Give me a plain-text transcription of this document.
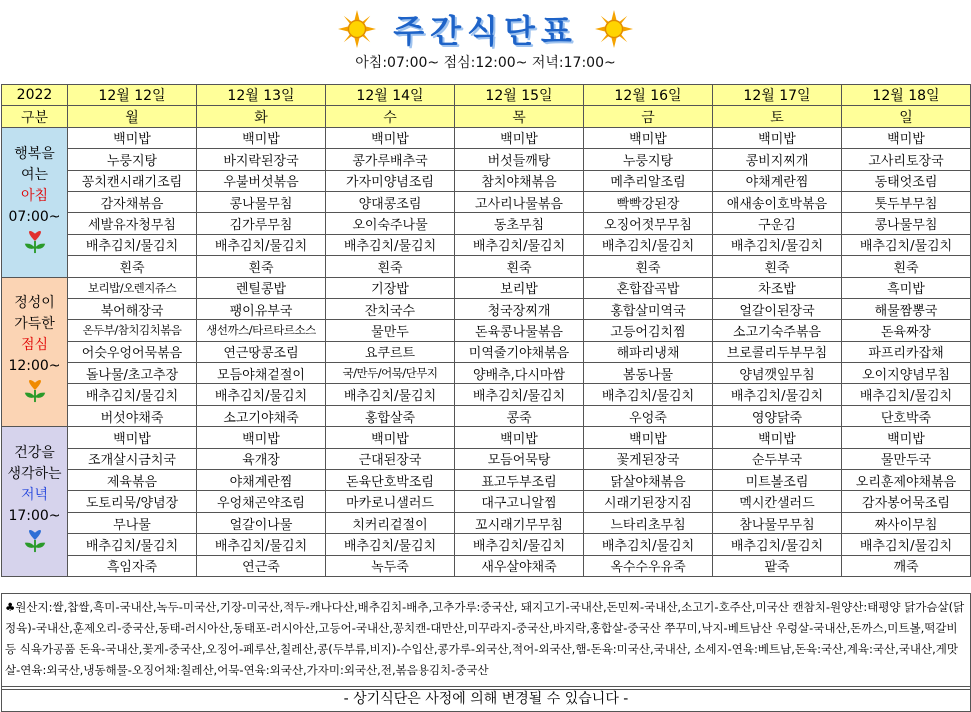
주간식단표
아침:07:00~ 점심:12:00~ 저녁:17:00~
2022	12월 12일	12월 13일	12월 14일	12월 15일	12월 16일	12월 17일	12월 18일
구분	월	화	수	목	금	토	일

행복을
여는
아침
07:00~	백미밥	백미밥	백미밥	백미밥	백미밥	백미밥	백미밥
	누룽지탕	바지락된장국	콩가루배추국	버섯들깨탕	누룽지탕	콩비지찌개	고사리토장국
	꽁치캔시래기조림	우불버섯볶음	가자미양념조림	참치야채볶음	메추리알조림	야채계란찜	동태엇조림
	감자채볶음	콩나물무침	양대콩조림	고사리나물볶음	빡빡강된장	애새송이호박볶음	톳두부무침
	세발유자청무침	김가루무침	오이숙주나물	동초무침	오징어젓무무침	구운김	콩나물무침
	배추김치/물김치	배추김치/물김치	배추김치/물김치	배추김치/물김치	배추김치/물김치	배추김치/물김치	배추김치/물김치
	흰죽	흰죽	흰죽	흰죽	흰죽	흰죽	흰죽

정성이
가득한
점심
12:00~	보리밥/오렌지쥬스	렌틸콩밥	기장밥	보리밥	혼합잡곡밥	차조밥	흑미밥
	북어해장국	팽이유부국	잔치국수	청국장찌개	홍합살미역국	얼갈이된장국	해물짬뽕국
	온두부/참치김치볶음	생선까스/타르타르소스	물만두	돈육콩나물볶음	고등어김치찜	소고기숙주볶음	돈육짜장
	어슷우엉어묵볶음	연근땅콩조림	요쿠르트	미역줄기야채볶음	해파리냉채	브로콜리두부무침	파프리카잡채
	돌나물/초고추장	모듬야채겉절이	국/만두/어묵/단무지	양배추,다시마쌈	봄동나물	양념깻잎무침	오이지양념무침
	배추김치/물김치	배추김치/물김치	배추김치/물김치	배추김치/물김치	배추김치/물김치	배추김치/물김치	배추김치/물김치
	버섯야채죽	소고기야채죽	홍합살죽	콩죽	우엉죽	영양닭죽	단호박죽

건강을
생각하는
저녁
17:00~	백미밥	백미밥	백미밥	백미밥	백미밥	백미밥	백미밥
	조개살시금치국	육개장	근대된장국	모듬어묵탕	꽃게된장국	순두부국	물만두국
	제육볶음	야채계란찜	돈육단호박조림	표고두부조림	닭살야채볶음	미트볼조림	오리훈제야채볶음
	도토리묵/양념장	우엉채곤약조림	마카로니샐러드	대구고니알찜	시래기된장지짐	멕시칸샐러드	감자봉어묵조림
	무나물	얼갈이나물	치커리겉절이	꼬시래기무무침	느타리초무침	참나물무무침	짜사이무침
	배추김치/물김치	배추김치/물김치	배추김치/물김치	배추김치/물김치	배추김치/물김치	배추김치/물김치	배추김치/물김치
	흑임자죽	연근죽	녹두죽	새우살야채죽	옥수수우유죽	팥죽	깨죽
♣원산지:쌀,찹쌀,흑미-국내산,녹두-미국산,기장-미국산,적두-캐나다산,배추김치-배추,고추가루:중국산, 돼지고기-국내산,돈민찌-국내산,소고기-호주산,미국산 캔참치-원양산:태평양 닭가슴살(닭정육)-국내산,훈제오리-중국산,동태-러시아산,동태포-러시아산,고등어-국내산,꽁치캔-대만산,미꾸라지-중국산,바지락,홍합살-중국산 쭈꾸미,낙지-베트남산 우렁살-국내산,돈까스,미트볼,떡갈비등 식육가공품 돈육-국내산,꽃게-중국산,오징어-페루산,칠레산,콩(두부류,비지)-수입산,콩가루-외국산,적어-외국산,햄-돈육:미국산,국내산, 소세지-연육:베트남,돈육:국산,계육:국산,국내산,게맛살-연육:외국산,냉동해물-오징어채:칠레산,어묵-연육:외국산,가자미:외국산,전,볶음용김치-중국산
- 상기식단은 사정에 의해 변경될 수 있습니다 -
